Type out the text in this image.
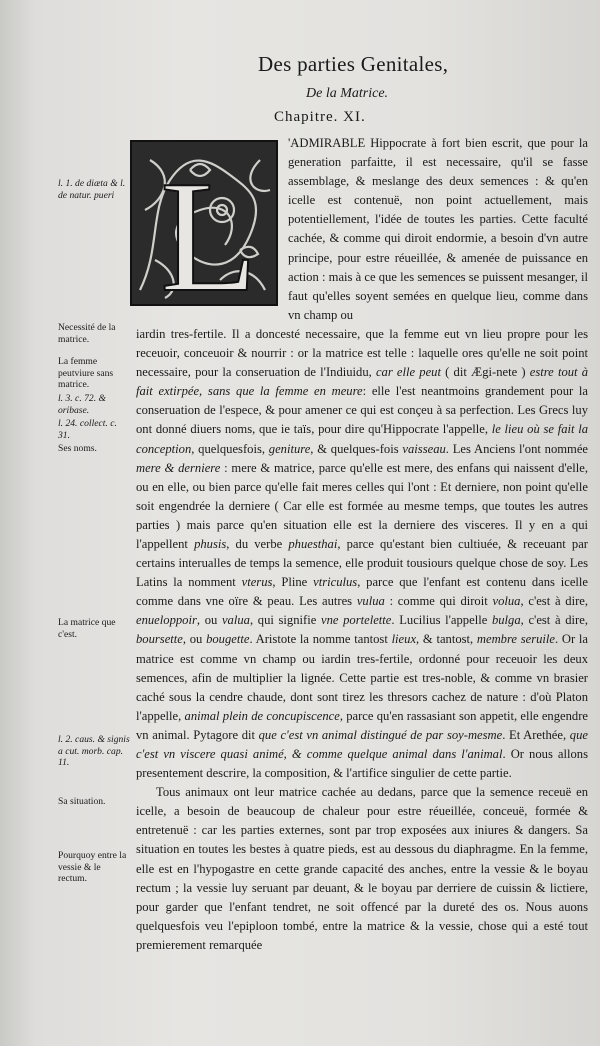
Des parties Genitales,
De la Matrice.
Chapitre. XI.
L

'ADMIRABLE Hippocrate à fort bien escrit, que pour la generation parfaitte, il est necessaire, qu'il se fasse assemblage, & meslange des deux semences : & qu'en icelle est contenuë, non point actuellement, mais potentiellement, l'idée de toutes les parties. Cette faculté cachée, & comme qui diroit endormie, a besoin d'vn autre principe, pour estre réueillée, & amenée de puissance en action : mais à ce que les semences se puissent mesanger, il faut qu'elles soyent semées en quelque lieu, comme dans vn champ ou
iardin tres-fertile. Il a doncesté necessaire, que la femme eut vn lieu propre pour les receuoir, conceuoir & nourrir : or la matrice est telle : laquelle ores qu'elle ne soit point necessaire, pour la conseruation de l'Indiuidu, car elle peut ( dit Ægi-nete ) estre tout à fait extirpée, sans que la femme en meure: elle l'est neantmoins grandement pour la conseruation de l'espece, & pour amener ce qui est conçeu à sa perfection. Les Grecs luy ont donné diuers noms, que ie taïs, pour dire qu'Hippocrate l'appelle, le lieu où se fait la conception, quelquesfois, geniture, & quelques-fois vaisseau. Les Anciens l'ont nommée mere & derniere : mere & matrice, parce qu'elle est mere, des enfans qui naissent d'elle, ou en elle, ou bien parce qu'elle fait meres celles qui l'ont : Et derniere, non point qu'elle soit engendrée la derniere ( Car elle est formée au mesme temps, que toutes les autres parties ) mais parce qu'en situation elle est la derniere des visceres. Il y en a qui l'appellent phusis, du verbe phuesthai, parce qu'estant bien cultiuée, & receuant par certains interualles de temps la semence, elle produit tousiours quelque chose de soy. Les Latins la nomment vterus, Pline vtriculus, parce que l'enfant est contenu dans icelle comme dans vne oïre & peau. Les autres vulua : comme qui diroit volua, c'est à dire, enueloppoir, ou valua, qui signifie vne portelette. Lucilius l'appelle bulga, c'est à dire, boursette, ou bougette. Aristote la nomme tantost lieux, & tantost, membre seruile. Or la matrice est comme vn champ ou iardin tres-fertile, ordonné pour receuoir les deux semences, afin de multiplier la lignée. Cette partie est tres-noble, & comme vn brasier caché sous la cendre chaude, dont sont tirez les thresors cachez de nature : d'où Platon l'appelle, animal plein de concupiscence, parce qu'en rassasiant son appetit, elle engendre vn animal. Pytagore dit que c'est vn animal distingué de par soy-mesme. Et Arethée, que c'est vn viscere quasi animé, & comme quelque animal dans l'animal. Or nous allons presentement descrire, la composition, & l'artifice singulier de cette partie.

Tous animaux ont leur matrice cachée au dedans, parce que la semence receuë en icelle, a besoin de beaucoup de chaleur pour estre réueillée, conceuë, formée & entretenuë : car les parties externes, sont par trop exposées aux iniures & dangers. Sa situation en toutes les bestes à quatre pieds, est au dessous du diaphragme. En la femme, elle est en l'hypogastre en cette grande capacité des anches, entre la vessie & le boyau rectum ; la vessie luy seruant par deuant, & le boyau par derriere de cuissin & lictiere, pour garder que l'enfant tendret, ne soit offencé par la dureté des os. Nous auons quelquesfois veu l'epiploon tombé, entre la matrice & la vessie, chose qui a esté tout premierement remarquée

l. 1. de diæta & l. de natur. pueri
Necessité de la matrice.
La femme peutviure sans matrice.
l. 3. c. 72. & oribase.
l. 24. collect. c. 31.
Ses noms.
La matrice que c'est.
l. 2. caus. & signis a cut. morb. cap. 11.
Sa situation.
Pourquoy entre la vessie & le rectum.
